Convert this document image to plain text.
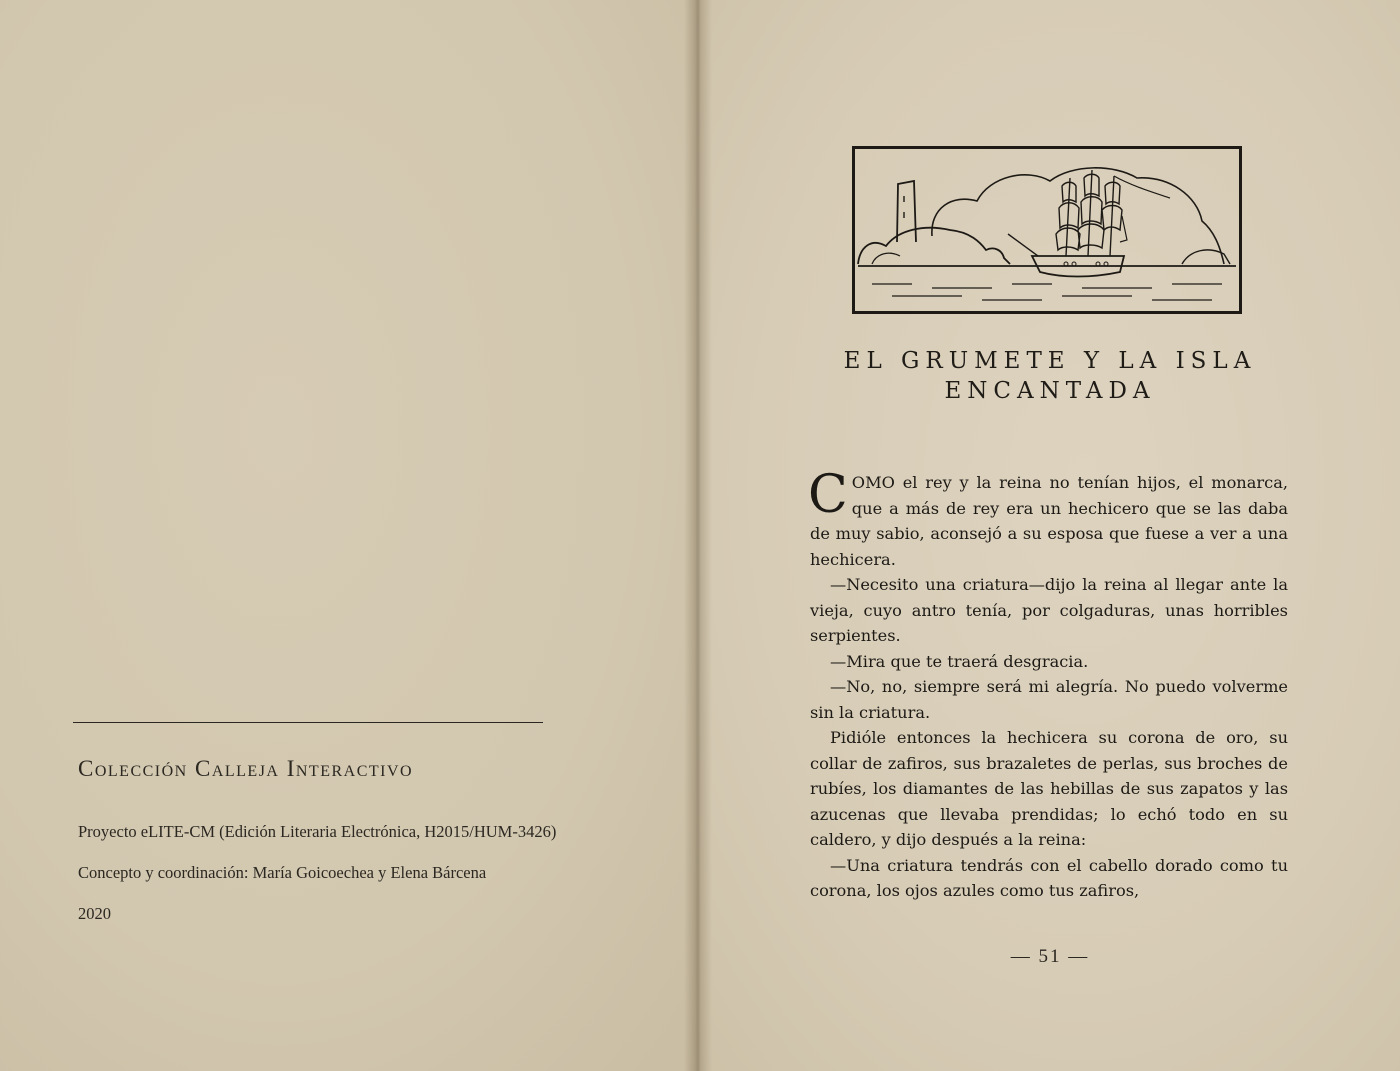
Colección Calleja Interactivo
Proyecto eLITE-CM (Edición Literaria Electrónica, H2015/HUM-3426)
Concepto y coordinación: María Goicoechea y Elena Bárcena
2020
EL GRUMETE Y LA ISLA
ENCANTADA

COMO el rey y la reina no tenían hijos, el monarca, que a más de rey era un hechicero que se las daba de muy sabio, aconsejó a su esposa que fuese a ver a una hechicera.

—Necesito una criatura—dijo la reina al llegar ante la vieja, cuyo antro tenía, por colgaduras, unas horribles serpientes.

—Mira que te traerá desgracia.

—No, no, siempre será mi alegría. No puedo volverme sin la criatura.

Pidióle entonces la hechicera su corona de oro, su collar de zafiros, sus brazaletes de perlas, sus broches de rubíes, los diamantes de las hebillas de sus zapatos y las azucenas que llevaba prendidas; lo echó todo en su caldero, y dijo después a la reina:

—Una criatura tendrás con el cabello dorado como tu corona, los ojos azules como tus zafiros,

— 51 —
